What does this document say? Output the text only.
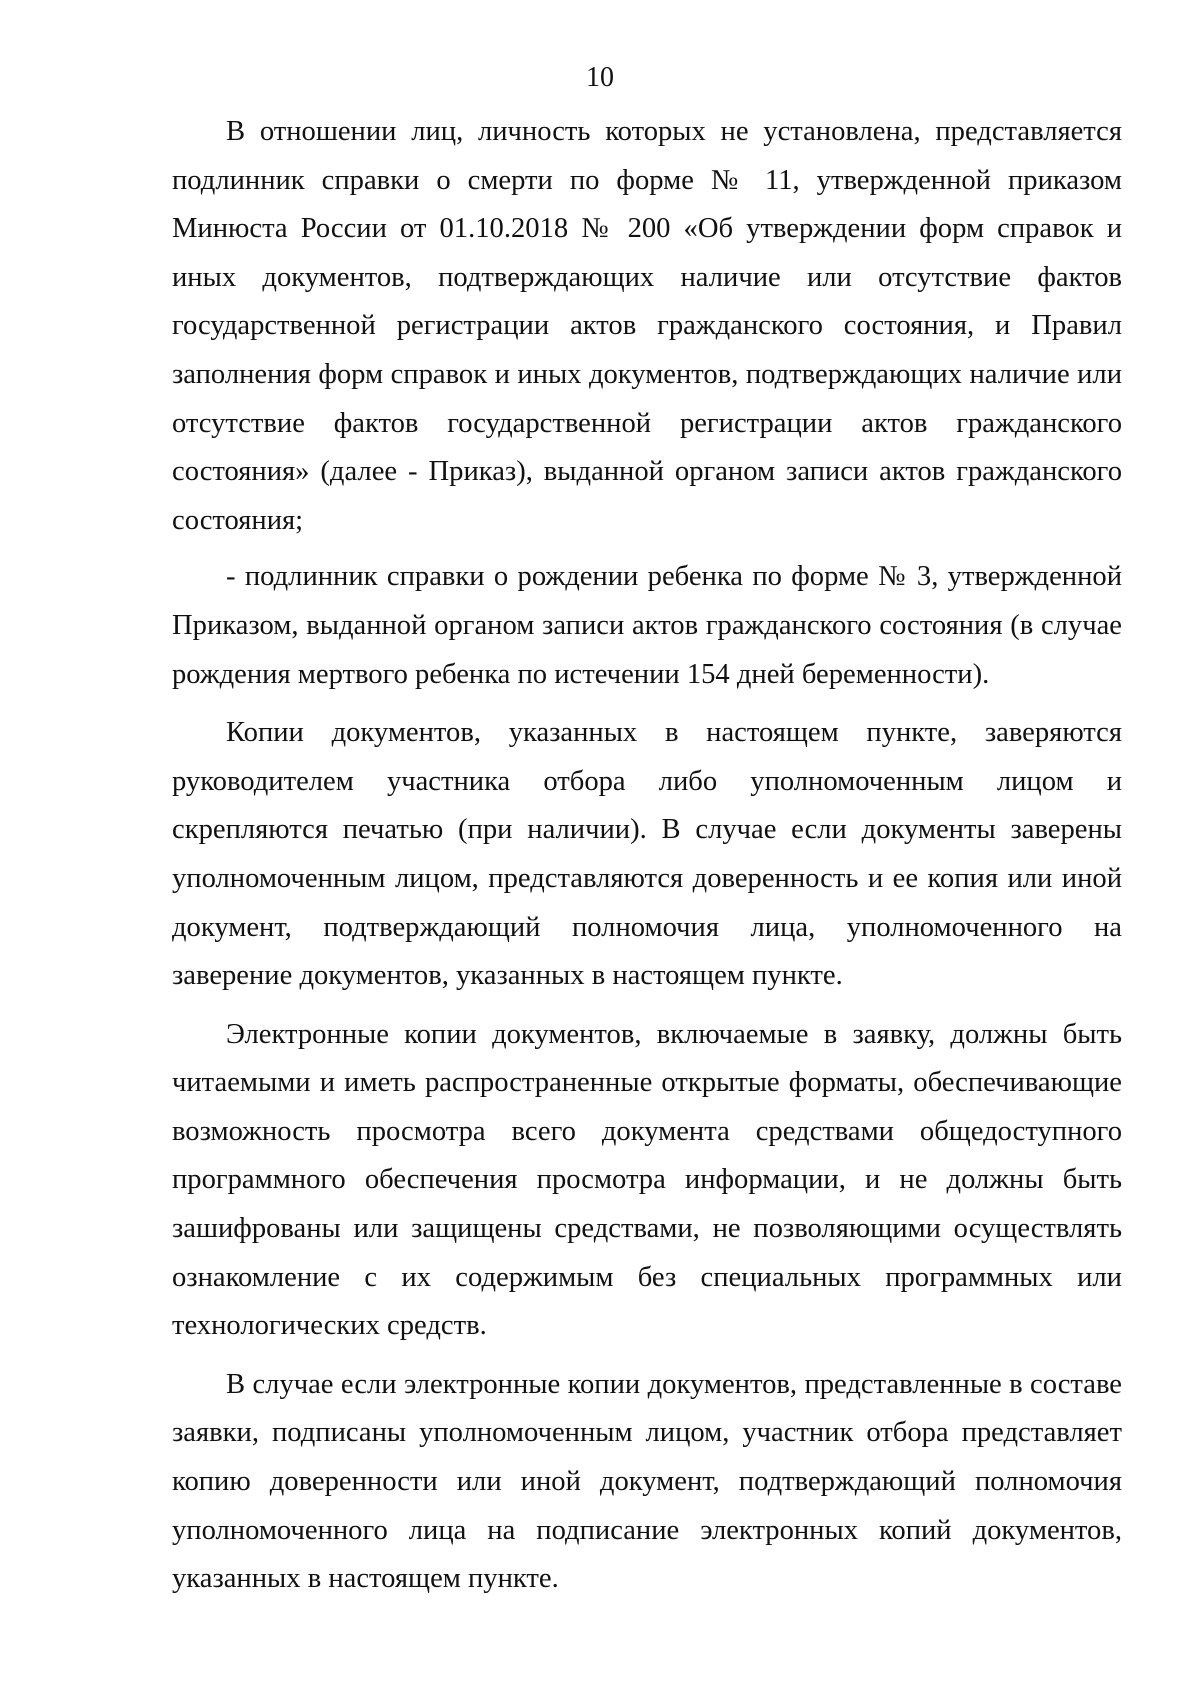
10

В отношении лиц, личность которых не установлена, представляется подлинник справки о смерти по форме № 11, утвержденной приказом Минюста России от 01.10.2018 № 200 «Об утверждении форм справок и иных документов, подтверждающих наличие или отсутствие фактов государственной регистрации актов гражданского состояния, и Правил заполнения форм справок и иных документов, подтверждающих наличие или отсутствие фактов государственной регистрации актов гражданского состояния» (далее - Приказ), выданной органом записи актов гражданского состояния;

- подлинник справки о рождении ребенка по форме № 3, утвержденной Приказом, выданной органом записи актов гражданского состояния (в случае рождения мертвого ребенка по истечении 154 дней беременности).

Копии документов, указанных в настоящем пункте, заверяются руководителем участника отбора либо уполномоченным лицом и скрепляются печатью (при наличии). В случае если документы заверены уполномоченным лицом, представляются доверенность и ее копия или иной документ, подтверждающий полномочия лица, уполномоченного на заверение документов, указанных в настоящем пункте.

Электронные копии документов, включаемые в заявку, должны быть читаемыми и иметь распространенные открытые форматы, обеспечивающие возможность просмотра всего документа средствами общедоступного программного обеспечения просмотра информации, и не должны быть зашифрованы или защищены средствами, не позволяющими осуществлять ознакомление с их содержимым без специальных программных или технологических средств.

В случае если электронные копии документов, представленные в составе заявки, подписаны уполномоченным лицом, участник отбора представляет копию доверенности или иной документ, подтверждающий полномочия уполномоченного лица на подписание электронных копий документов, указанных в настоящем пункте.
